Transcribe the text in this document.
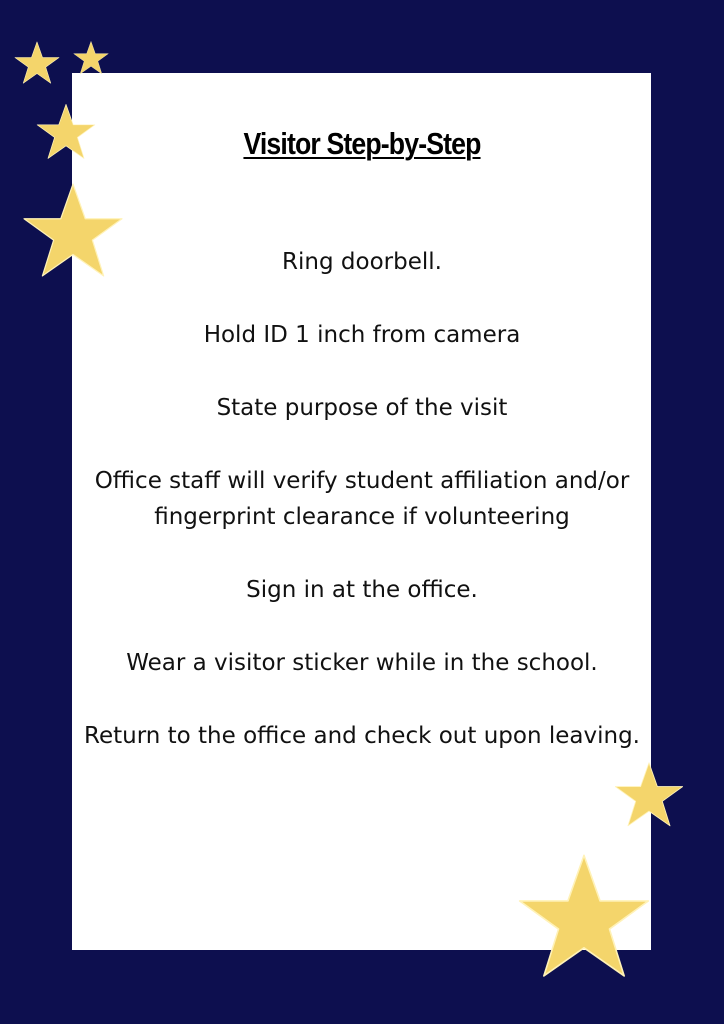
Visitor Step-by-Step
Ring doorbell.
Hold ID 1 inch from camera
State purpose of the visit
Office staff will verify student affiliation and/or fingerprint clearance if volunteering
Sign in at the office.
Wear a visitor sticker while in the school.
Return to the office and check out upon leaving.
